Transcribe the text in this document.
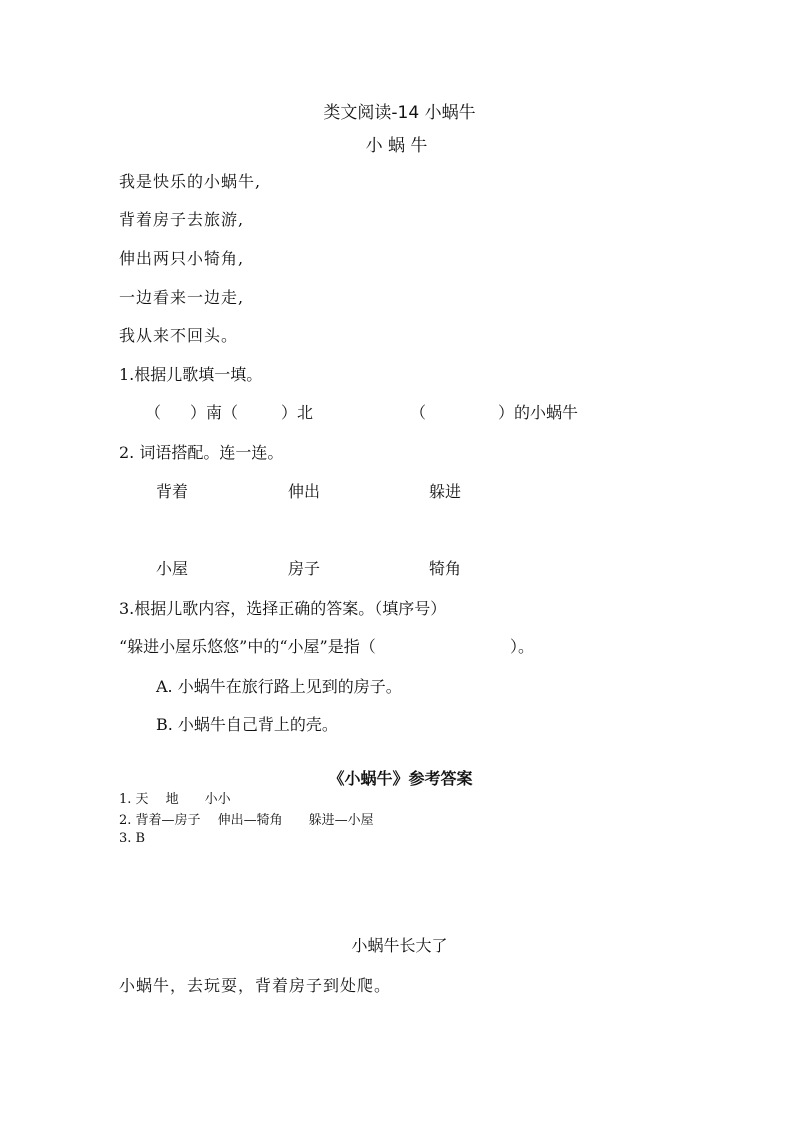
类文阅读-14 小蜗牛
小 蜗 牛
我是快乐的小蜗牛,
背着房子去旅游,
伸出两只小犄角,
一边看来一边走,
我从来不回头。
1.根据儿歌填一填。
（ ）南（	）北	（	）的小蜗牛
2. 词语搭配。连一连。
背着	伸出	躲进
小屋	房子	犄角
3.根据儿歌内容，选择正确的答案。（填序号）
“躲进小屋乐悠悠”中的“小屋”是指（	）。
A. 小蜗牛在旅行路上见到的房子。
B. 小蜗牛自己背上的壳。
《小蜗牛》参考答案
1. 天　 地　　小小
2. 背着—房子　 伸出—犄角　　躲进—小屋
3. B
小蜗牛长大了
小蜗牛，去玩耍，背着房子到处爬。
